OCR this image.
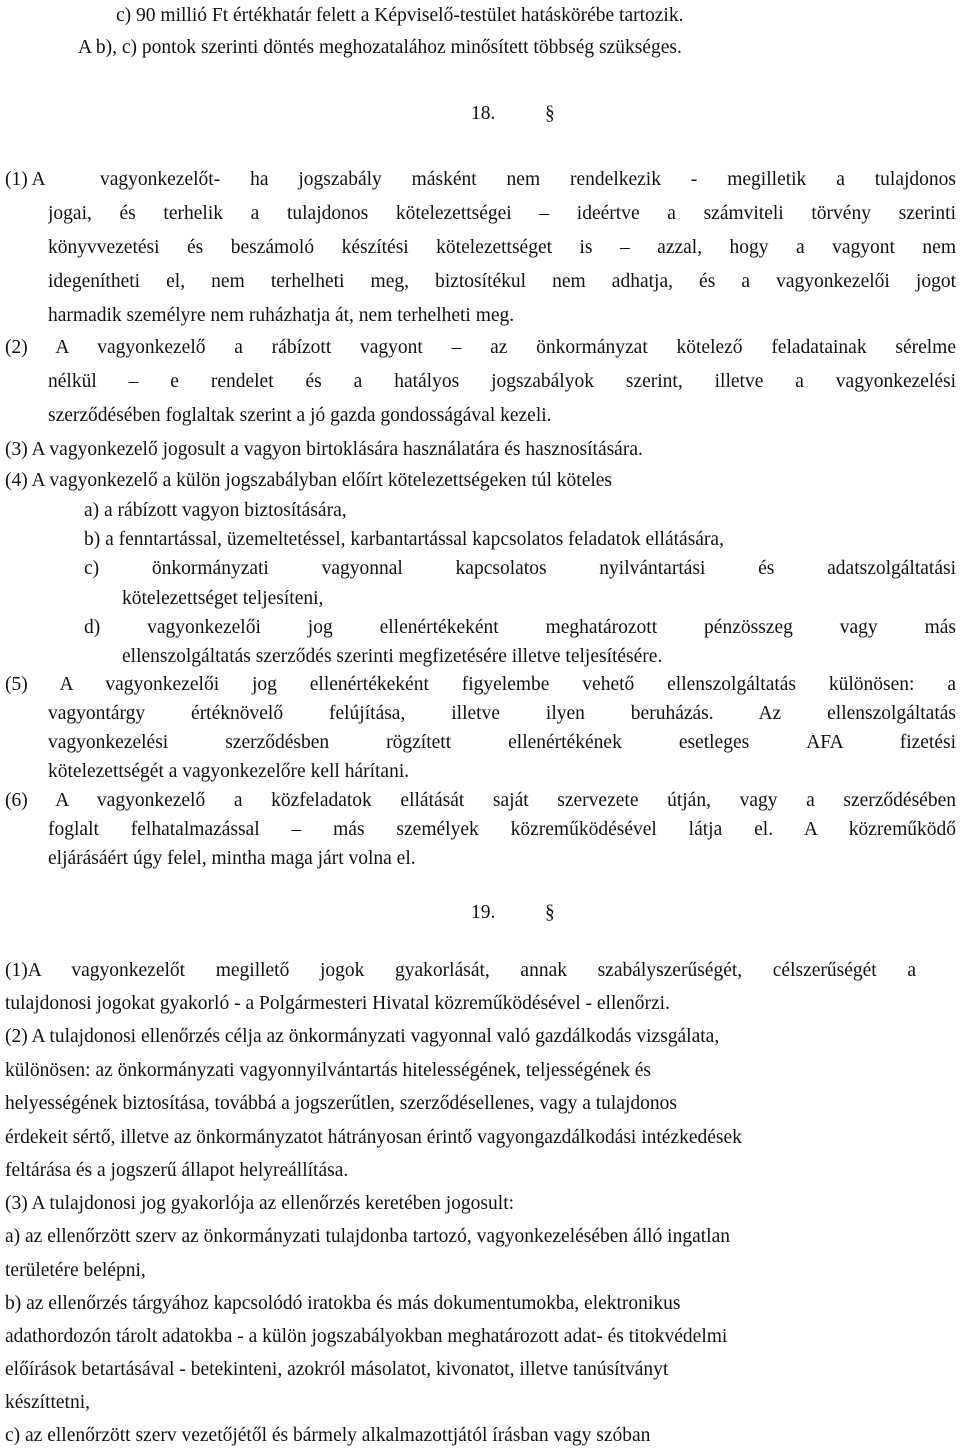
c) 90 millió Ft értékhatár felett a Képviselő-testület hatáskörébe tartozik.
A b), c) pontok szerinti döntés meghozatalához minősített többség szükséges.
18.	§
(1) A	vagyonkezelőt- ha jogszabály másként nem rendelkezik - megilletik a tulajdonos
jogai, és terhelik a tulajdonos kötelezettségei – ideértve a számviteli törvény szerinti
könyvvezetési és beszámoló készítési kötelezettséget is – azzal, hogy a vagyont nem
idegenítheti el, nem terhelheti meg, biztosítékul nem adhatja, és a vagyonkezelői jogot
harmadik személyre nem ruházhatja át, nem terhelheti meg.
(2) A vagyonkezelő a rábízott vagyont – az önkormányzat kötelező feladatainak sérelme
nélkül – e rendelet és a hatályos jogszabályok szerint, illetve a vagyonkezelési
szerződésében foglaltak szerint a jó gazda gondosságával kezeli.
(3) A vagyonkezelő jogosult a vagyon birtoklására használatára és hasznosítására.
(4) A vagyonkezelő a külön jogszabályban előírt kötelezettségeken túl köteles
a) a rábízott vagyon biztosítására,
b) a fenntartással, üzemeltetéssel, karbantartással kapcsolatos feladatok ellátására,
c) önkormányzati vagyonnal kapcsolatos nyilvántartási és adatszolgáltatási
kötelezettséget teljesíteni,
d) vagyonkezelői jog ellenértékeként meghatározott pénzösszeg vagy más
ellenszolgáltatás szerződés szerinti megfizetésére illetve teljesítésére.
(5) A vagyonkezelői jog ellenértékeként figyelembe vehető ellenszolgáltatás különösen: a
vagyontárgy értéknövelő felújítása, illetve ilyen beruházás. Az ellenszolgáltatás
vagyonkezelési szerződésben rögzített ellenértékének esetleges ÁFA fizetési
kötelezettségét a vagyonkezelőre kell hárítani.
(6) A vagyonkezelő a közfeladatok ellátását saját szervezete útján, vagy a szerződésében
foglalt felhatalmazással – más személyek közreműködésével látja el. A közreműködő
eljárásáért úgy felel, mintha maga járt volna el.
19.	§
(1)A vagyonkezelőt megillető jogok gyakorlását, annak szabályszerűségét, célszerűségét a
tulajdonosi jogokat gyakorló - a Polgármesteri Hivatal közreműködésével - ellenőrzi.
(2) A tulajdonosi ellenőrzés célja az önkormányzati vagyonnal való gazdálkodás vizsgálata,
különösen: az önkormányzati vagyonnyilvántartás hitelességének, teljességének és
helyességének biztosítása, továbbá a jogszerűtlen, szerződésellenes, vagy a tulajdonos
érdekeit sértő, illetve az önkormányzatot hátrányosan érintő vagyongazdálkodási intézkedések
feltárása és a jogszerű állapot helyreállítása.
(3) A tulajdonosi jog gyakorlója az ellenőrzés keretében jogosult:
a) az ellenőrzött szerv az önkormányzati tulajdonba tartozó, vagyonkezelésében álló ingatlan
területére belépni,
b) az ellenőrzés tárgyához kapcsolódó iratokba és más dokumentumokba, elektronikus
adathordozón tárolt adatokba - a külön jogszabályokban meghatározott adat- és titokvédelmi
előírások betartásával - betekinteni, azokról másolatot, kivonatot, illetve tanúsítványt
készíttetni,
c) az ellenőrzött szerv vezetőjétől és bármely alkalmazottjától írásban vagy szóban
